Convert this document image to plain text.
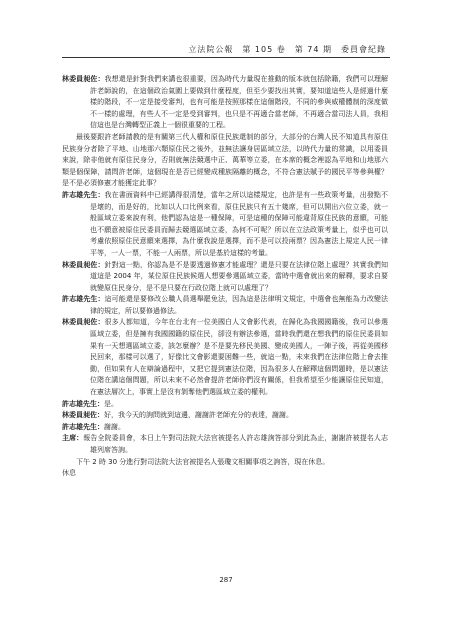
立法院公報　第 105 卷　第 74 期　委員會紀錄

林委員昶佐：我想還是針對我們來講也很重要，因為時代力量現在推動的版本就包括除籍，我們可以理解許老師說的，在這個政治氣圍上要做到什麼程度，但至少要找出其實，要知道這些人是經過什麼樣的階段，不一定是接受審判，也有可能是按照那樣在這個階段，不同的參與威權體制的深度做不一樣的處理，有些人不一定是受到審判，也只是不再適合當老師，不再適合當司法人員，我相信這也是台灣轉型正義上一個很重要的工程。

最後要跟許老師請教的是有關第三代人權和原住民族還制的部分，大部分的台灣人民不知道具有原住民族身分者除了平地、山地那六類原住民之後外，並無法讓身居區域立法，以時代力量的常識，以用委員來說，除非他就有原住民身分，否則就無法競選中正、萬華等立委，在本席的概念裡認為平地和山地那六類是個保障，請問許老師，這個現在是否已經變成種族隔離的概念，不符合憲法賦予的國民平等參與權？是不是必須修憲才能獲定此事？

許志雄先生：我在書面資料中已經講得很清楚，當年之所以這樣規定，也許是有一些政策考量，出發點不是壞的，而是好的，比如以人口比例來看，原住民族只有五十幾席，但可以開出六位立委，就一般區域立委來說有利，他們認為這是一種保障，可是這種的保障可能違背原住民族的意願，可能也不願意被原住民委員而歸去競選區域立委，為何不可呢？所以在立法政策考量上，似乎也可以考慮依照原住民意願來選擇，為什麼我說是選擇，而不是可以投兩票？因為憲法上規定人民一律平等，一人一票，不能一人兩票，所以是基於這樣的考量。

林委員昶佐：針對這一點，你認為是不是要透過修憲才能處理？還是只要在法律位階上處理？其實我們知道這是 2004 年，某位原住民族候選人想要參選區域立委，當時中選會就出來的解釋，要求自要就變原住民身分，是不是只要在行政位階上就可以處理了？

許志雄先生：這可能還是要修改公職人員選舉罷免法，因為這是法律明文規定，中選會也無能為力改變法律的規定，所以要修過修法。

林委員昶佐：很多人都知道，今年在台北有一位美國白人文會影代表，在歸化為我國國籍後，我可以參選區域立委，但是擁有我國國籍的原住民，卻沒有辦法參選，當時我們還在想我們的原住民委員如果有一天想選區域立委，該怎麼辦？是不是要先移民美國、變成美國人，一陣子後，再從美國移民回來，那樣可以選了，好像比文會影還要困難一些，就這一點，未來我們在法律位階上會去推動，但如果有人在辯論過程中，又把它提到憲法位階，因為很多人在解釋這個問題時，是以憲法位階在講這個問題，所以未來不必然會提許老師你們沒有關係，但我希望至少能讓原住民知道，在憲法層次上，事實上是沒有剝奪他們選區域立委的權利。

許志雄先生：是。

林委員昶佐：好，我今天的詢問就到這邊，謝謝許老師充分的表達，謝謝。

許志雄先生：謝謝。

主席：報告全院委員會，本日上午對司法院大法官被提名人許志雄詢答部分到此為止，謝謝許被提名人志雄列席答詢。

下午 2 時 30 分進行對司法院大法官被提名人張瓊文相關事項之詢答，現在休息。

休息

287
